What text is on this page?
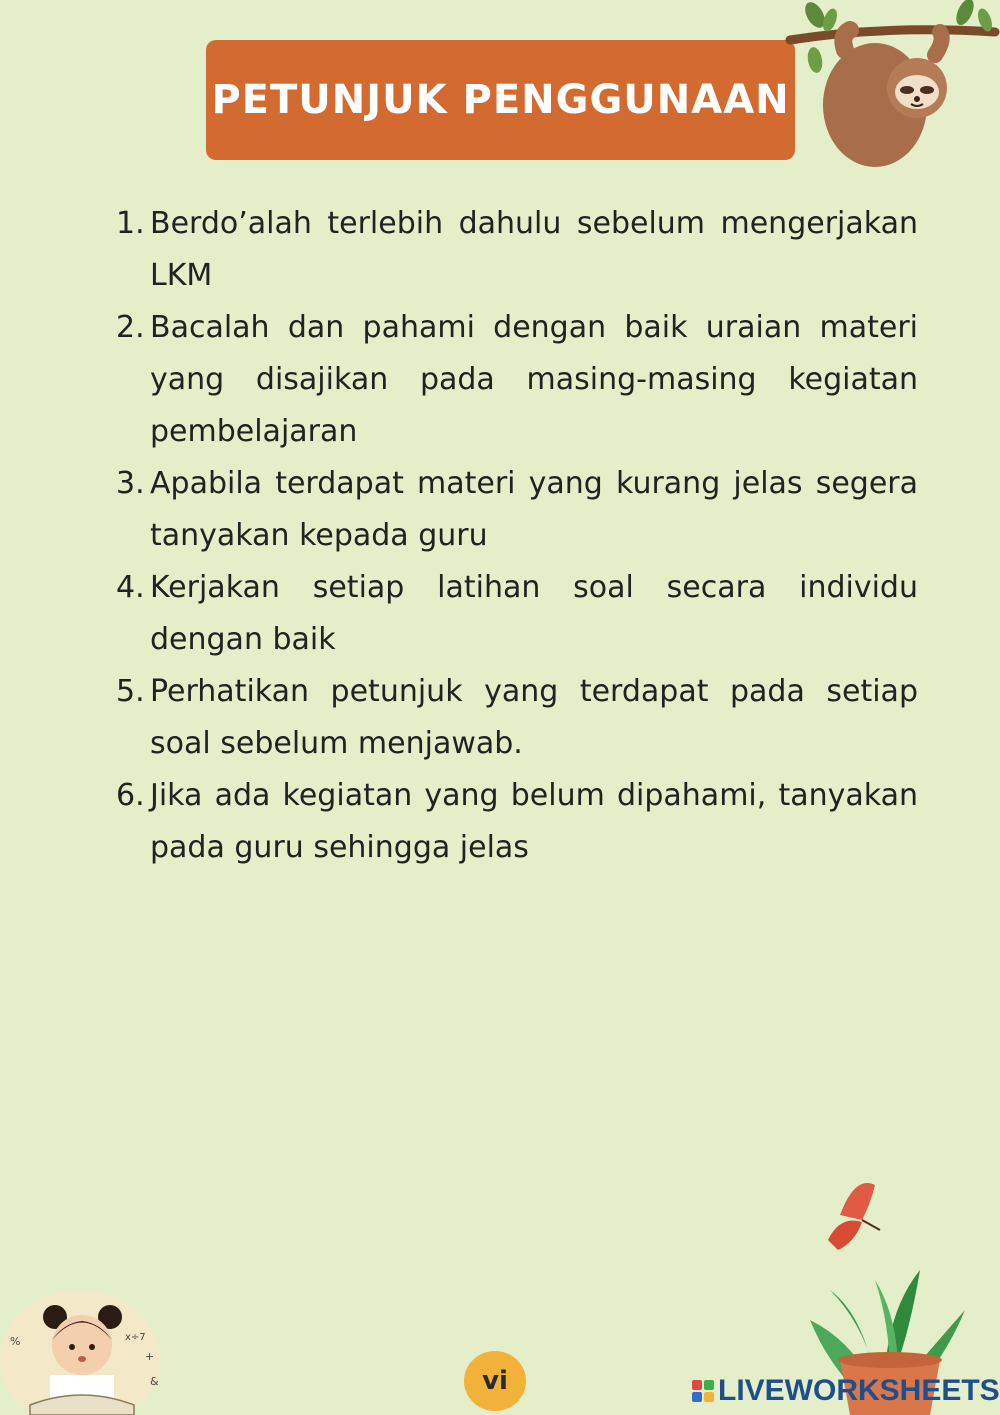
PETUNJUK PENGGUNAAN
1. Berdo’alah terlebih dahulu sebelum mengerjakan LKM
2. Bacalah dan pahami dengan baik uraian materi yang disajikan pada masing-masing kegiatan pembelajaran
3. Apabila terdapat materi yang kurang jelas segera tanyakan kepada guru
4. Kerjakan setiap latihan soal secara individu dengan baik
5. Perhatikan petunjuk yang terdapat pada setiap soal sebelum menjawab.
6. Jika ada kegiatan yang belum dipahami, tanyakan pada guru sehingga jelas
%	x÷7
+
&	vi	LIVEWORKSHEETS
